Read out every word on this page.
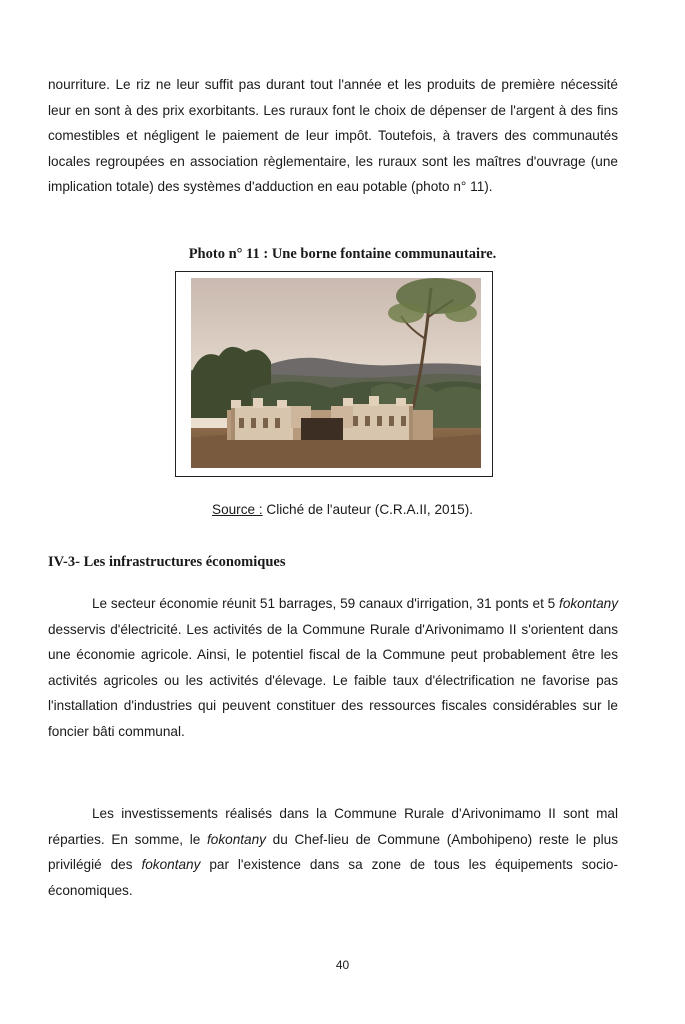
nourriture. Le riz ne leur suffit pas durant tout l'année et les produits de première nécessité leur en sont à des prix exorbitants. Les ruraux font le choix de dépenser de l'argent à des fins comestibles et négligent le paiement de leur impôt. Toutefois, à travers des communautés locales regroupées en association règlementaire, les ruraux sont les maîtres d'ouvrage (une implication totale) des systèmes d'adduction en eau potable (photo n° 11).

Photo n° 11 : Une borne fontaine communautaire.

Source : Cliché de l'auteur (C.R.A.II, 2015).

IV-3- Les infrastructures économiques

Le secteur économie réunit 51 barrages, 59 canaux d'irrigation, 31 ponts et 5 fokontany desservis d'électricité. Les activités de la Commune Rurale d'Arivonimamo II s'orientent dans une économie agricole. Ainsi, le potentiel fiscal de la Commune peut probablement être les activités agricoles ou les activités d'élevage. Le faible taux d'électrification ne favorise pas l'installation d'industries qui peuvent constituer des ressources fiscales considérables sur le foncier bâti communal.

Les investissements réalisés dans la Commune Rurale d'Arivonimamo II sont mal réparties. En somme, le fokontany du Chef-lieu de Commune (Ambohipeno) reste le plus privilégié des fokontany par l'existence dans sa zone de tous les équipements socio-économiques.

40
